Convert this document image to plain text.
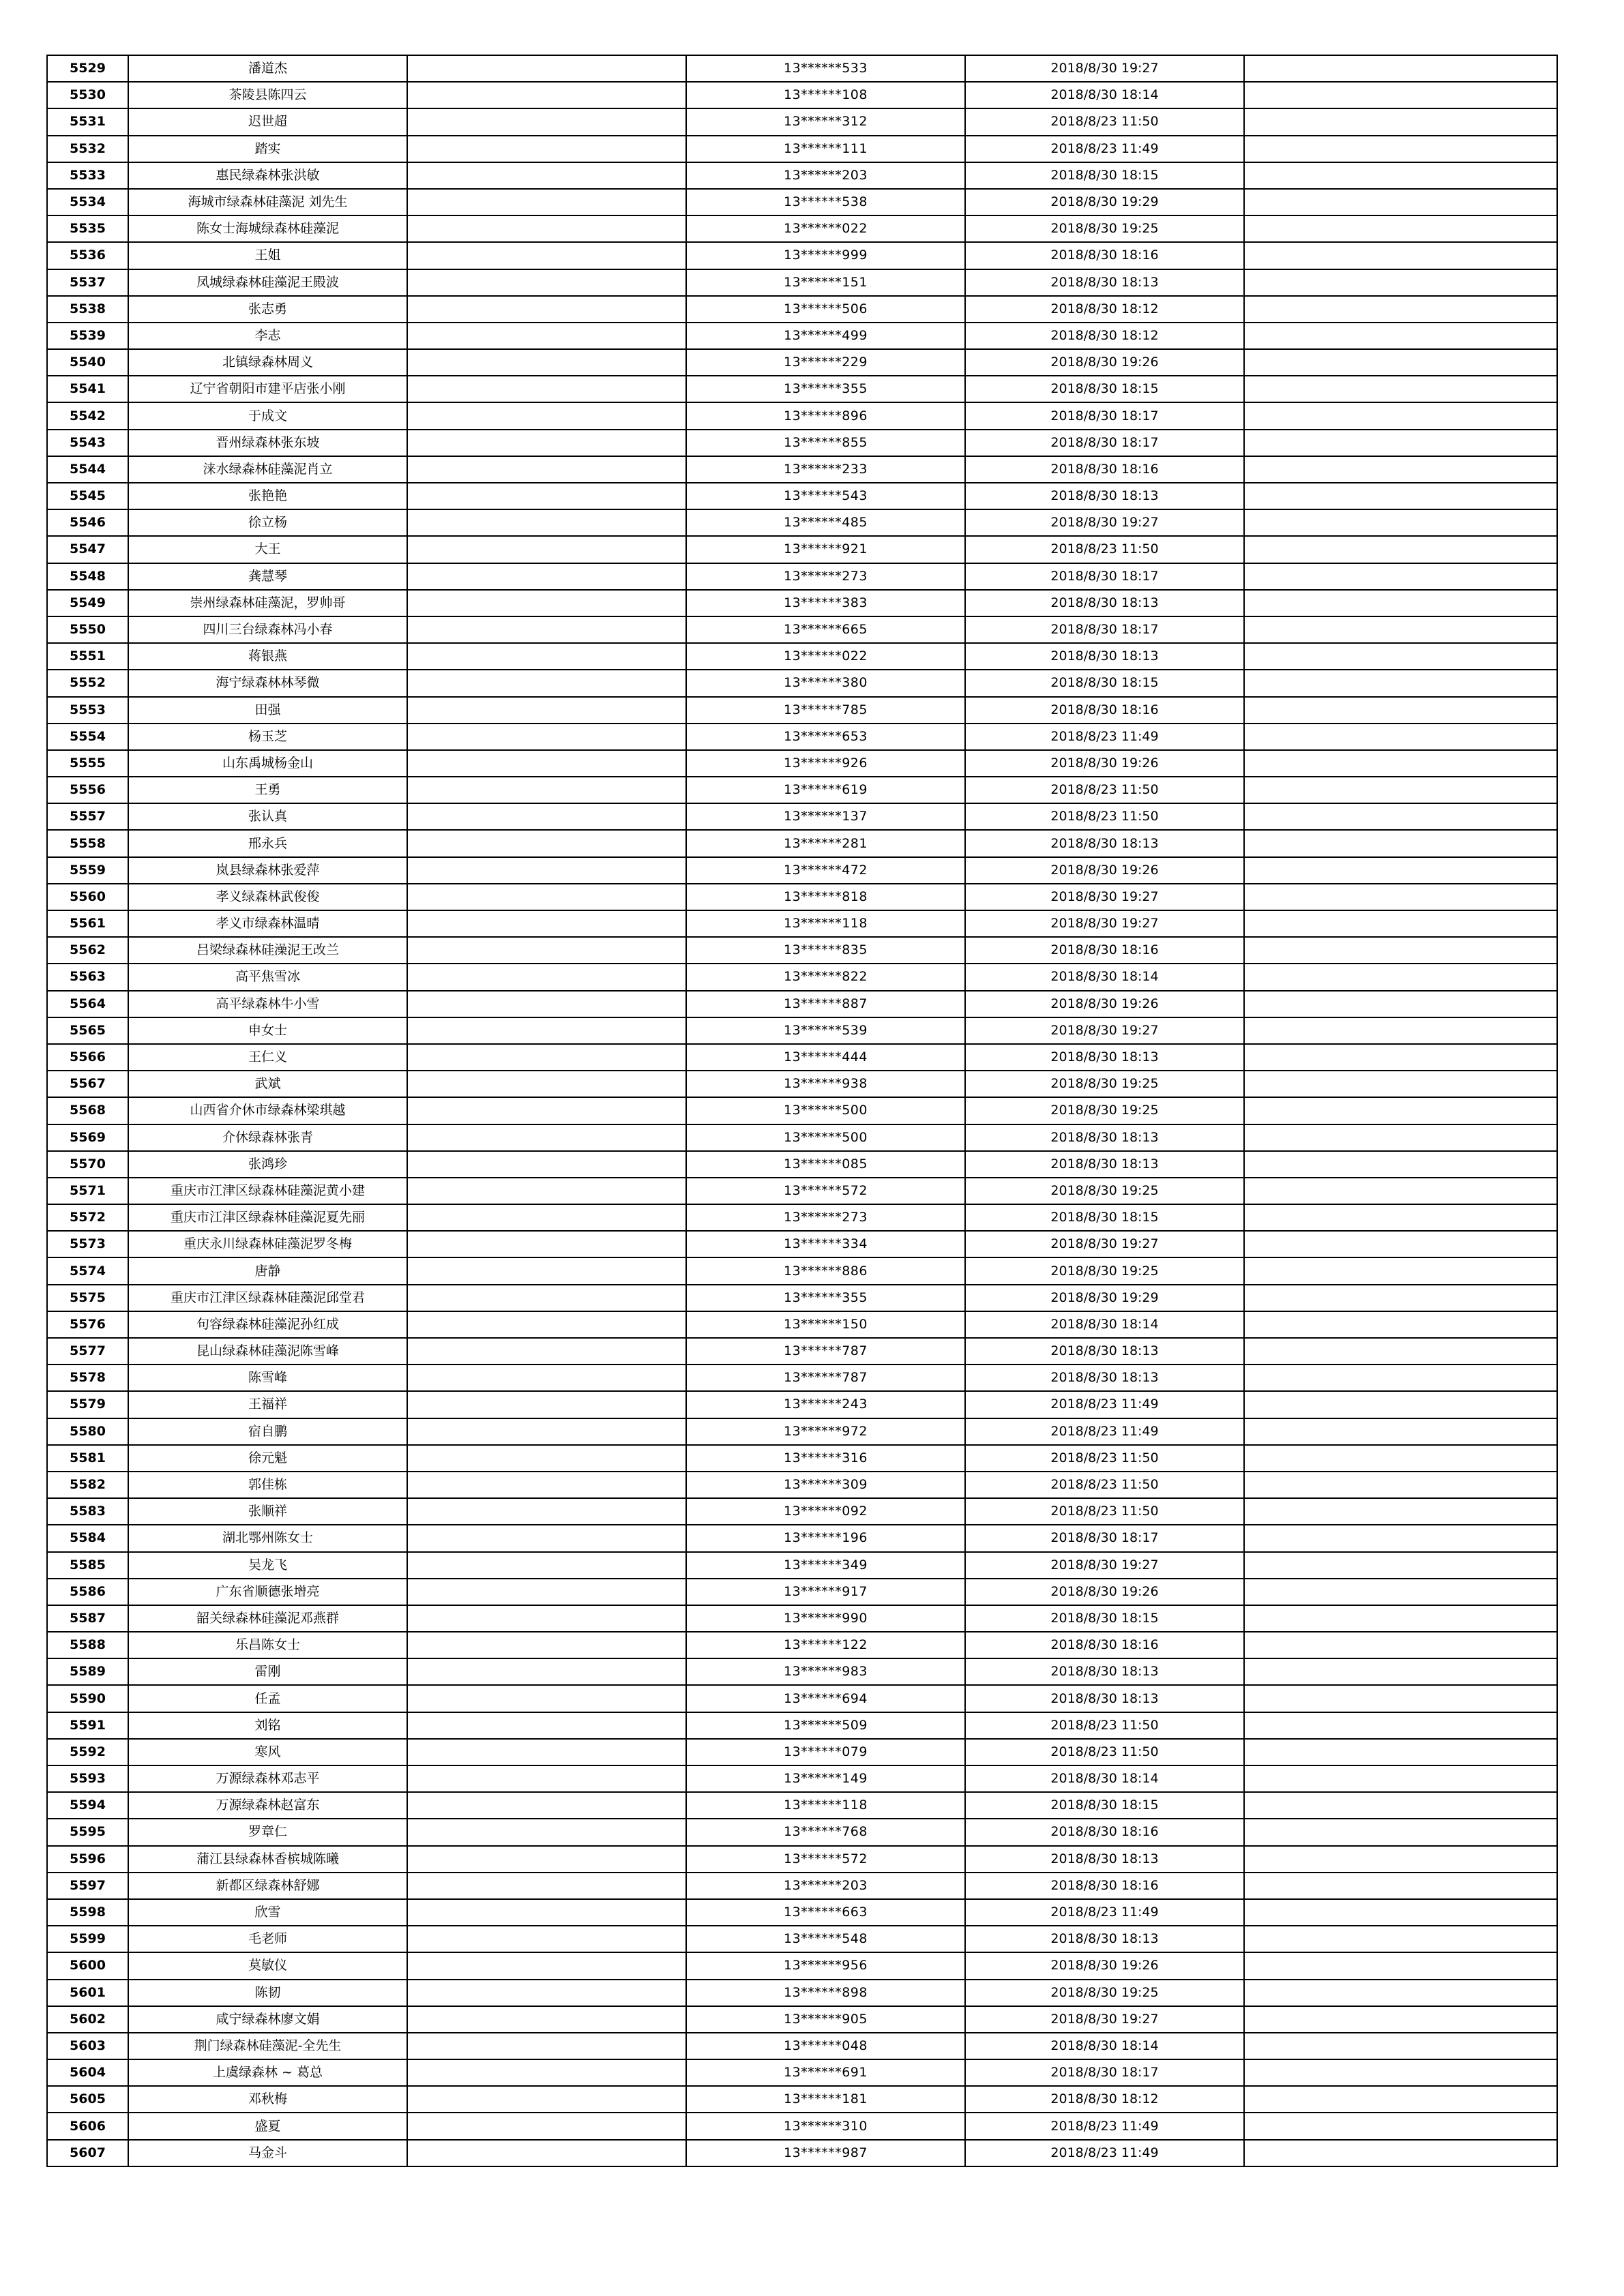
5529	潘道杰		13******533	2018/8/30 19:27	
5530	茶陵县陈四云		13******108	2018/8/30 18:14	
5531	迟世超		13******312	2018/8/23 11:50	
5532	踏实		13******111	2018/8/23 11:49	
5533	惠民绿森林张洪敏		13******203	2018/8/30 18:15	
5534	海城市绿森林硅藻泥 刘先生		13******538	2018/8/30 19:29	
5535	陈女士海城绿森林硅藻泥		13******022	2018/8/30 19:25	
5536	王姐		13******999	2018/8/30 18:16	
5537	凤城绿森林硅藻泥王殿波		13******151	2018/8/30 18:13	
5538	张志勇		13******506	2018/8/30 18:12	
5539	李志		13******499	2018/8/30 18:12	
5540	北镇绿森林周义		13******229	2018/8/30 19:26	
5541	辽宁省朝阳市建平店张小刚		13******355	2018/8/30 18:15	
5542	于成文		13******896	2018/8/30 18:17	
5543	晋州绿森林张东坡		13******855	2018/8/30 18:17	
5544	涞水绿森林硅藻泥肖立		13******233	2018/8/30 18:16	
5545	张艳艳		13******543	2018/8/30 18:13	
5546	徐立杨		13******485	2018/8/30 19:27	
5547	大王		13******921	2018/8/23 11:50	
5548	龚慧琴		13******273	2018/8/30 18:17	
5549	崇州绿森林硅藻泥，罗帅哥		13******383	2018/8/30 18:13	
5550	四川三台绿森林冯小春		13******665	2018/8/30 18:17	
5551	蒋银燕		13******022	2018/8/30 18:13	
5552	海宁绿森林林琴微		13******380	2018/8/30 18:15	
5553	田强		13******785	2018/8/30 18:16	
5554	杨玉芝		13******653	2018/8/23 11:49	
5555	山东禹城杨金山		13******926	2018/8/30 19:26	
5556	王勇		13******619	2018/8/23 11:50	
5557	张认真		13******137	2018/8/23 11:50	
5558	邢永兵		13******281	2018/8/30 18:13	
5559	岚县绿森林张爱萍		13******472	2018/8/30 19:26	
5560	孝义绿森林武俊俊		13******818	2018/8/30 19:27	
5561	孝义市绿森林温晴		13******118	2018/8/30 19:27	
5562	吕梁绿森林硅澡泥王改兰		13******835	2018/8/30 18:16	
5563	高平焦雪冰		13******822	2018/8/30 18:14	
5564	高平绿森林牛小雪		13******887	2018/8/30 19:26	
5565	申女士		13******539	2018/8/30 19:27	
5566	王仁义		13******444	2018/8/30 18:13	
5567	武斌		13******938	2018/8/30 19:25	
5568	山西省介休市绿森林梁琪越		13******500	2018/8/30 19:25	
5569	介休绿森林张青		13******500	2018/8/30 18:13	
5570	张鸿珍		13******085	2018/8/30 18:13	
5571	重庆市江津区绿森林硅藻泥黄小建		13******572	2018/8/30 19:25	
5572	重庆市江津区绿森林硅藻泥夏先丽		13******273	2018/8/30 18:15	
5573	重庆永川绿森林硅藻泥罗冬梅		13******334	2018/8/30 19:27	
5574	唐静		13******886	2018/8/30 19:25	
5575	重庆市江津区绿森林硅藻泥邱堂君		13******355	2018/8/30 19:29	
5576	句容绿森林硅藻泥孙红成		13******150	2018/8/30 18:14	
5577	昆山绿森林硅藻泥陈雪峰		13******787	2018/8/30 18:13	
5578	陈雪峰		13******787	2018/8/30 18:13	
5579	王福祥		13******243	2018/8/23 11:49	
5580	宿自鹏		13******972	2018/8/23 11:49	
5581	徐元魁		13******316	2018/8/23 11:50	
5582	郭佳栋		13******309	2018/8/23 11:50	
5583	张顺祥		13******092	2018/8/23 11:50	
5584	湖北鄂州陈女士		13******196	2018/8/30 18:17	
5585	吴龙飞		13******349	2018/8/30 19:27	
5586	广东省顺德张增亮		13******917	2018/8/30 19:26	
5587	韶关绿森林硅藻泥邓燕群		13******990	2018/8/30 18:15	
5588	乐昌陈女士		13******122	2018/8/30 18:16	
5589	雷刚		13******983	2018/8/30 18:13	
5590	任孟		13******694	2018/8/30 18:13	
5591	刘铭		13******509	2018/8/23 11:50	
5592	寒风		13******079	2018/8/23 11:50	
5593	万源绿森林邓志平		13******149	2018/8/30 18:14	
5594	万源绿森林赵富东		13******118	2018/8/30 18:15	
5595	罗章仁		13******768	2018/8/30 18:16	
5596	蒲江县绿森林香槟城陈曦		13******572	2018/8/30 18:13	
5597	新都区绿森林舒娜		13******203	2018/8/30 18:16	
5598	欣雪		13******663	2018/8/23 11:49	
5599	毛老师		13******548	2018/8/30 18:13	
5600	莫敏仪		13******956	2018/8/30 19:26	
5601	陈韧		13******898	2018/8/30 19:25	
5602	咸宁绿森林廖文娟		13******905	2018/8/30 19:27	
5603	荆门绿森林硅藻泥-全先生		13******048	2018/8/30 18:14	
5604	上虞绿森林 ~ 葛总		13******691	2018/8/30 18:17	
5605	邓秋梅		13******181	2018/8/30 18:12	
5606	盛夏		13******310	2018/8/23 11:49	
5607	马金斗		13******987	2018/8/23 11:49	
